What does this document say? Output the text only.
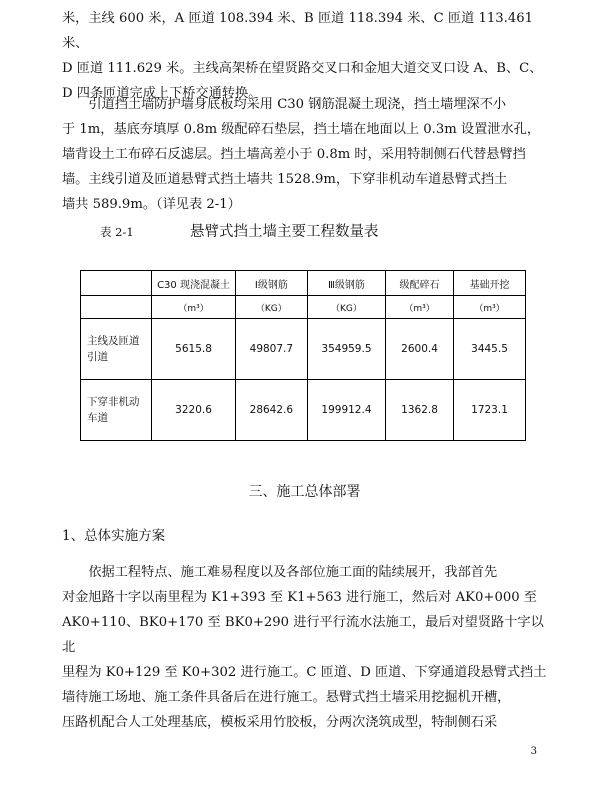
米，主线 600 米，A 匝道 108.394 米、B 匝道 118.394 米、C 匝道 113.461 米、
D 匝道 111.629 米。主线高架桥在望贤路交叉口和金旭大道交叉口设 A、B、C、
D 四条匝道完成上下桥交通转换。
　　引道挡土墙防护墙身底板均采用 C30 钢筋混凝土现浇，挡土墙埋深不小
于 1m，基底夯填厚 0.8m 级配碎石垫层，挡土墙在地面以上 0.3m 设置泄水孔，
墙背设土工布碎石反滤层。挡土墙高差小于 0.8m 时，采用特制侧石代替悬臂挡
墙。主线引道及匝道悬臂式挡土墙共 1528.9m，下穿非机动车道悬臂式挡土
墙共 589.9m。（详见表 2-1）
表 2-1	悬臂式挡土墙主要工程数量表
	C30 现浇混凝土	Ⅰ级钢筋	Ⅲ级钢筋	级配碎石	基础开挖
	（m³）	（KG）	（KG）	（m³）	（m³）

主线及匝道
引道	5615.8	49807.7	354959.5	2600.4	3445.5

下穿非机动
车道	3220.6	28642.6	199912.4	1362.8	1723.1
三、施工总体部署
1、总体实施方案
　　依据工程特点、施工难易程度以及各部位施工面的陆续展开，我部首先
对金旭路十字以南里程为 K1+393 至 K1+563 进行施工，然后对 AK0+000 至
AK0+110、BK0+170 至 BK0+290 进行平行流水法施工，最后对望贤路十字以北
里程为 K0+129 至 K0+302 进行施工。C 匝道、D 匝道、下穿通道段悬臂式挡土
墙待施工场地、施工条件具备后在进行施工。悬臂式挡土墙采用挖掘机开槽，
压路机配合人工处理基底，模板采用竹胶板，分两次浇筑成型，特制侧石采
3
